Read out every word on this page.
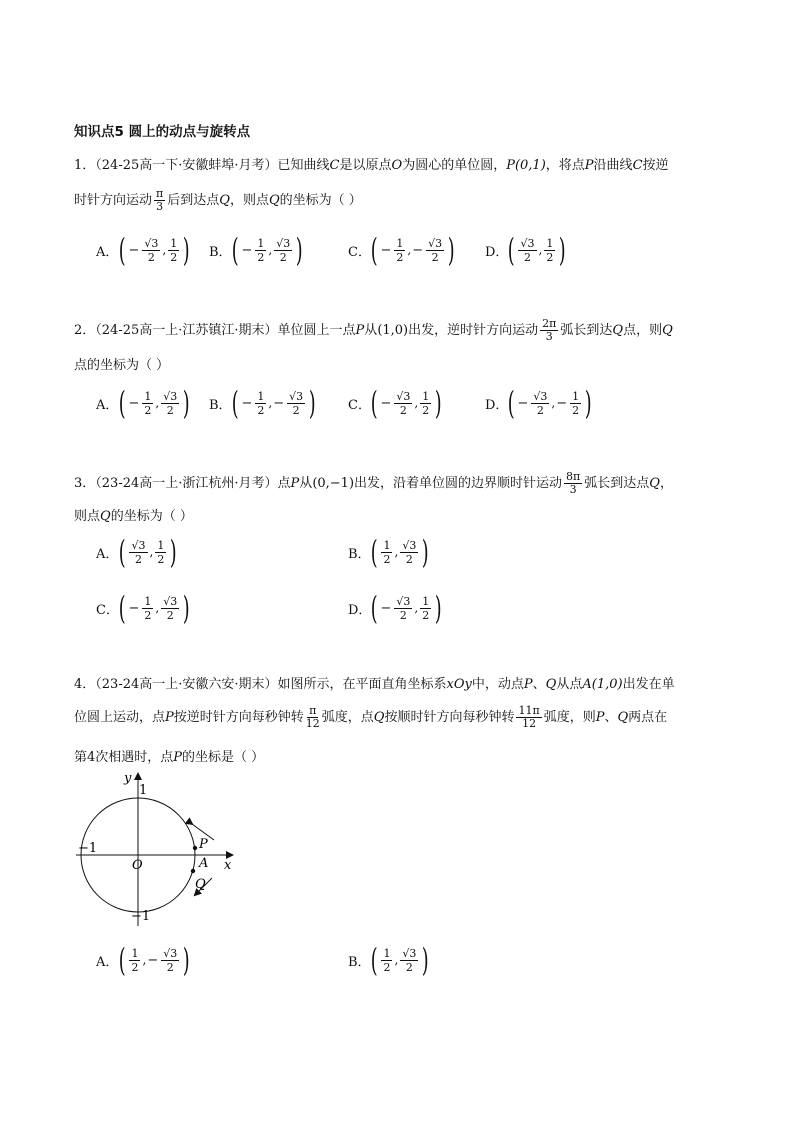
知识点5 圆上的动点与旋转点
1．（24-25高一下·安徽蚌埠·月考）已知曲线C是以原点O为圆心的单位圆，P(0,1)，将点P沿曲线C按逆
时针方向运动 $\frac{\pi}{3}$ 后到达点Q，则点Q的坐标为（ ）
A． ( − $\frac{√3}{2}$ , $\frac{1}{2}$ ) B． ( − $\frac{1}{2}$ , $\frac{√3}{2}$ )	C． ( − $\frac{1}{2}$ , − $\frac{√3}{2}$ ) D． ( $\frac{√3}{2}$ , $\frac{1}{2}$ )
2．（24-25高一上·江苏镇江·期末）单位圆上一点P从(1,0)出发，逆时针方向运动 $\frac{2\pi}{3}$ 弧长到达Q点，则Q
点的坐标为（ ）
A． ( − $\frac{1}{2}$ , $\frac{√3}{2}$ ) B． ( − $\frac{1}{2}$ , − $\frac{√3}{2}$ ) C． ( − $\frac{√3}{2}$ , $\frac{1}{2}$ )	D． ( − $\frac{√3}{2}$ , − $\frac{1}{2}$ )
3．（23-24高一上·浙江杭州·月考）点P从(0,−1)出发，沿着单位圆的边界顺时针运动 $\frac{8\pi}{3}$ 弧长到达点Q，
则点Q的坐标为（ ）
A． ( $\frac{√3}{2}$ , $\frac{1}{2}$ )	B． ( $\frac{1}{2}$ , $\frac{√3}{2}$ )
C． ( − $\frac{1}{2}$ , $\frac{√3}{2}$ )	D． ( − $\frac{√3}{2}$ , $\frac{1}{2}$ )
4．（23-24高一上·安徽六安·期末）如图所示，在平面直角坐标系xOy中，动点P、Q从点A(1,0)出发在单
位圆上运动，点P按逆时针方向每秒钟转 $\frac{\pi}{12}$ 弧度，点Q按顺时针方向每秒钟转 $\frac{11\pi}{12}$ 弧度，则P、Q两点在
第4次相遇时，点P的坐标是（ ）
y
x
O
1
−1
−1	P
A
Q
A． ( $\frac{1}{2}$ , − $\frac{√3}{2}$ )	B． ( $\frac{1}{2}$ , $\frac{√3}{2}$ )
